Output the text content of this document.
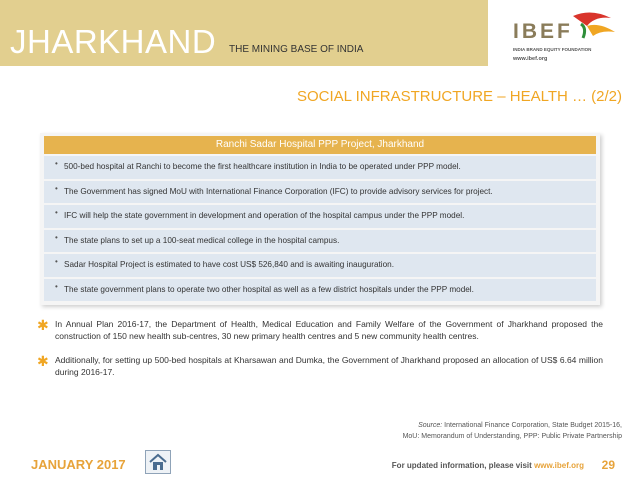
JHARKHAND THE MINING BASE OF INDIA
IBEF
INDIA BRAND EQUITY FOUNDATION
www.ibef.org
SOCIAL INFRASTRUCTURE – HEALTH … (2/2)
Ranchi Sadar Hospital PPP Project, Jharkhand
• 500-bed hospital at Ranchi to become the first healthcare institution in India to be operated under PPP model.
• The Government has signed MoU with International Finance Corporation (IFC) to provide advisory services for project.
• IFC will help the state government in development and operation of the hospital campus under the PPP model.
• The state plans to set up a 100-seat medical college in the hospital campus.
• Sadar Hospital Project is estimated to have cost US$ 526,840 and is awaiting inauguration.
• The state government plans to operate two other hospital as well as a few district hospitals under the PPP model.
✱ In Annual Plan 2016-17, the Department of Health, Medical Education and Family Welfare of the Government of Jharkhand proposed the construction of 150 new health sub-centres, 30 new primary health centres and 5 new community health centres.
✱ Additionally, for setting up 500-bed hospitals at Kharsawan and Dumka, the Government of Jharkhand proposed an allocation of US$ 6.64 million during 2016-17.
Source: International Finance Corporation, State Budget 2015-16,
MoU: Memorandum of Understanding, PPP: Public Private Partnership
JANUARY 2017	For updated information, please visit www.ibef.org 29
